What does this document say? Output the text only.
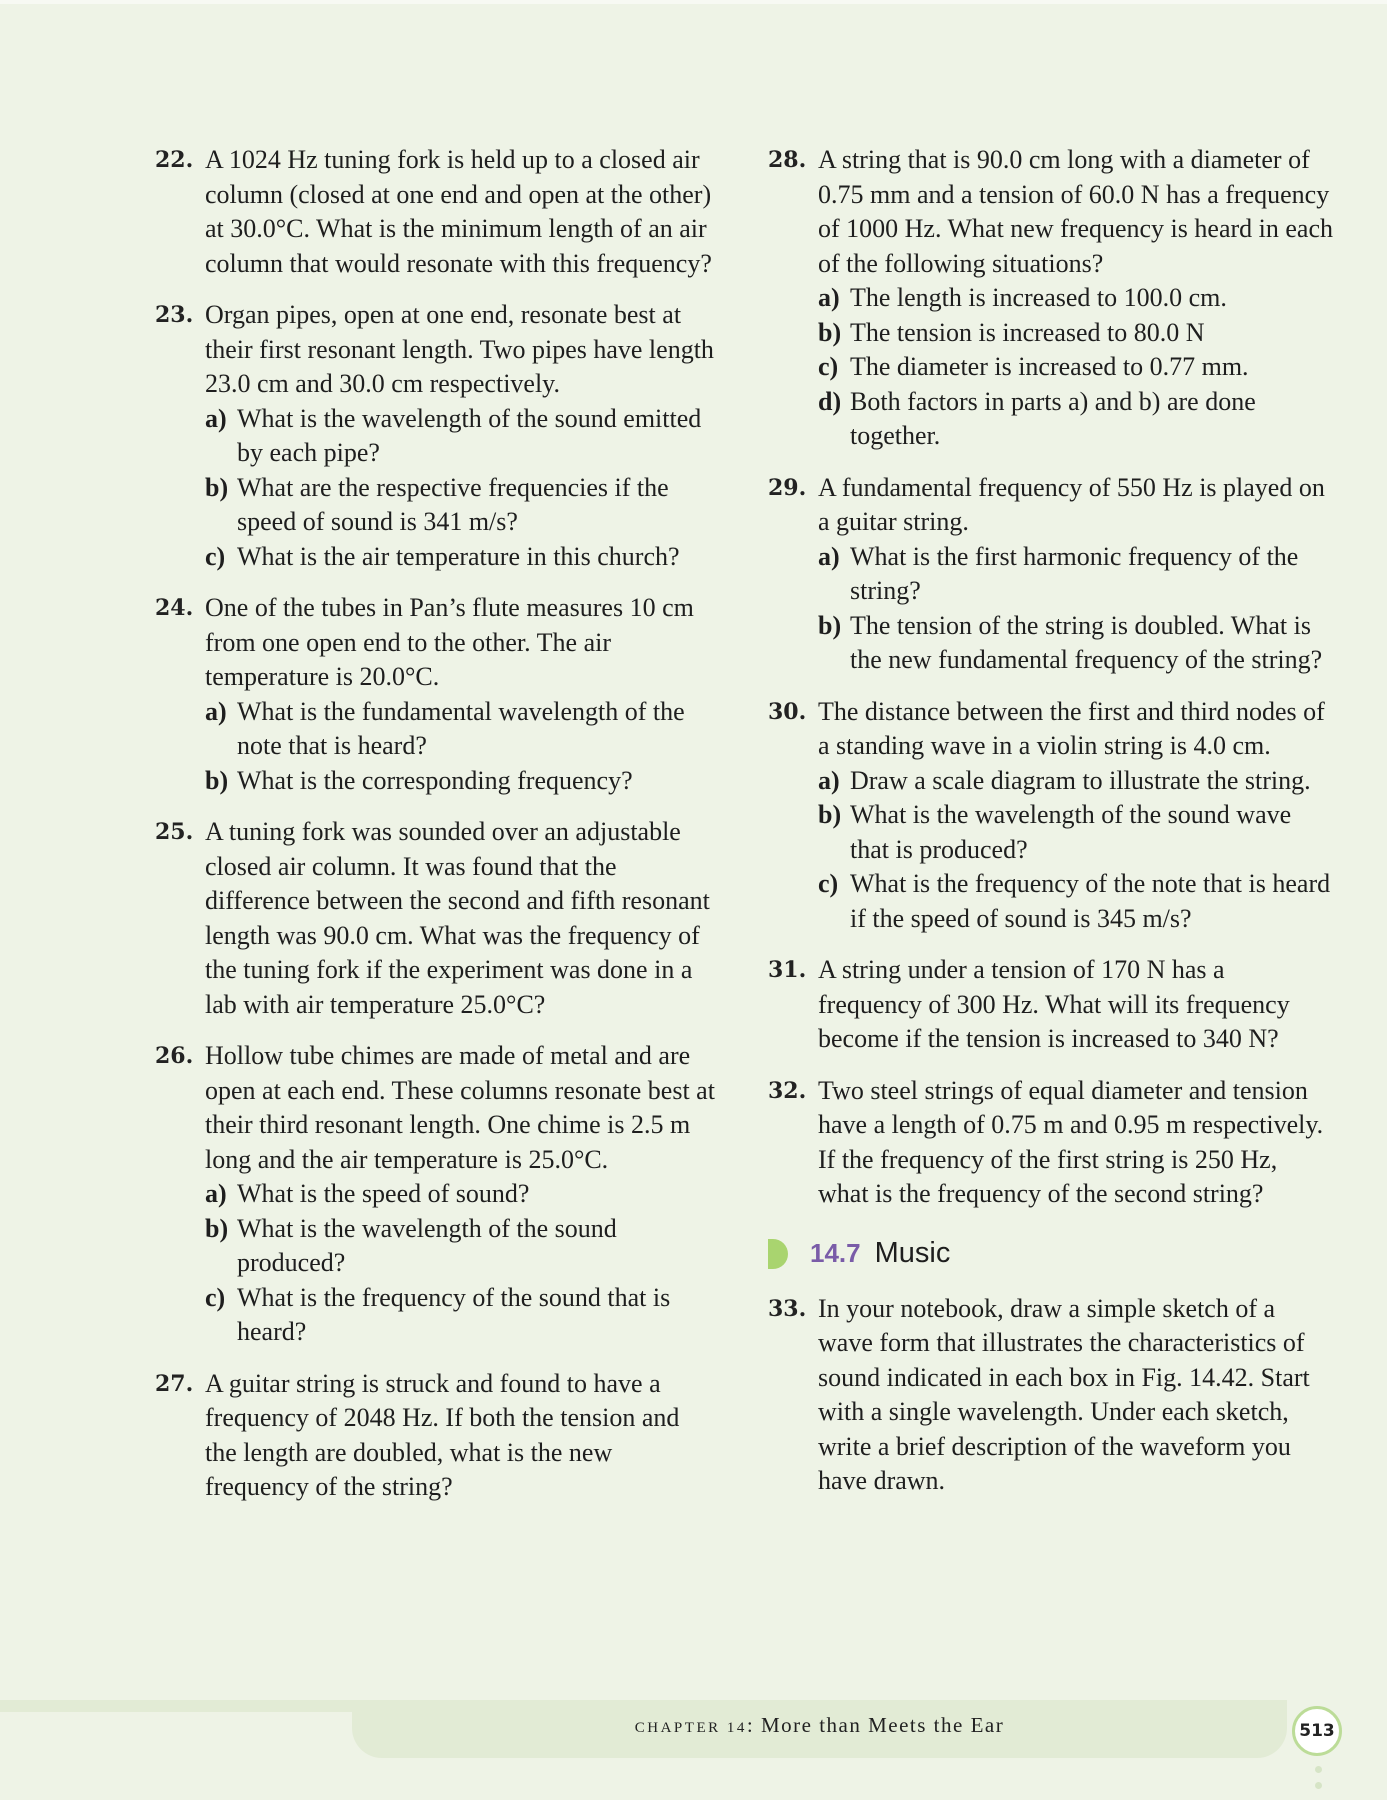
22. A 1024 Hz tuning fork is held up to a closed air column (closed at one end and open at the other) at 30.0°C. What is the minimum length of an air column that would resonate with this frequency?
23. Organ pipes, open at one end, resonate best at their first resonant length. Two pipes have length 23.0 cm and 30.0 cm respectively.
a) What is the wavelength of the sound emitted by each pipe?
b) What are the respective frequencies if the speed of sound is 341 m/s?
c) What is the air temperature in this church?
24. One of the tubes in Pan’s flute measures 10 cm from one open end to the other. The air temperature is 20.0°C.
a) What is the fundamental wavelength of the note that is heard?
b) What is the corresponding frequency?
25. A tuning fork was sounded over an adjustable closed air column. It was found that the difference between the second and fifth resonant length was 90.0 cm. What was the frequency of the tuning fork if the experiment was done in a lab with air temperature 25.0°C?
26. Hollow tube chimes are made of metal and are open at each end. These columns resonate best at their third resonant length. One chime is 2.5 m long and the air temperature is 25.0°C.
a) What is the speed of sound?
b) What is the wavelength of the sound produced?
c) What is the frequency of the sound that is heard?
27. A guitar string is struck and found to have a frequency of 2048 Hz. If both the tension and the length are doubled, what is the new frequency of the string?
28. A string that is 90.0 cm long with a diameter of 0.75 mm and a tension of 60.0 N has a frequency of 1000 Hz. What new frequency is heard in each of the following situations?
a) The length is increased to 100.0 cm.
b) The tension is increased to 80.0 N
c) The diameter is increased to 0.77 mm.
d) Both factors in parts a) and b) are done together.
29. A fundamental frequency of 550 Hz is played on a guitar string.
a) What is the first harmonic frequency of the string?
b) The tension of the string is doubled. What is the new fundamental frequency of the string?
30. The distance between the first and third nodes of a standing wave in a violin string is 4.0 cm.
a) Draw a scale diagram to illustrate the string.
b) What is the wavelength of the sound wave that is produced?
c) What is the frequency of the note that is heard if the speed of sound is 345 m/s?
31. A string under a tension of 170 N has a frequency of 300 Hz. What will its frequency become if the tension is increased to 340 N?
32. Two steel strings of equal diameter and tension have a length of 0.75 m and 0.95 m respectively. If the frequency of the first string is 250 Hz, what is the frequency of the second string?
14.7 Music
33. In your notebook, draw a simple sketch of a wave form that illustrates the characteristics of sound indicated in each box in Fig. 14.42. Start with a single wavelength. Under each sketch, write a brief description of the waveform you have drawn.
CHAPTER 14: More than Meets the Ear	513
